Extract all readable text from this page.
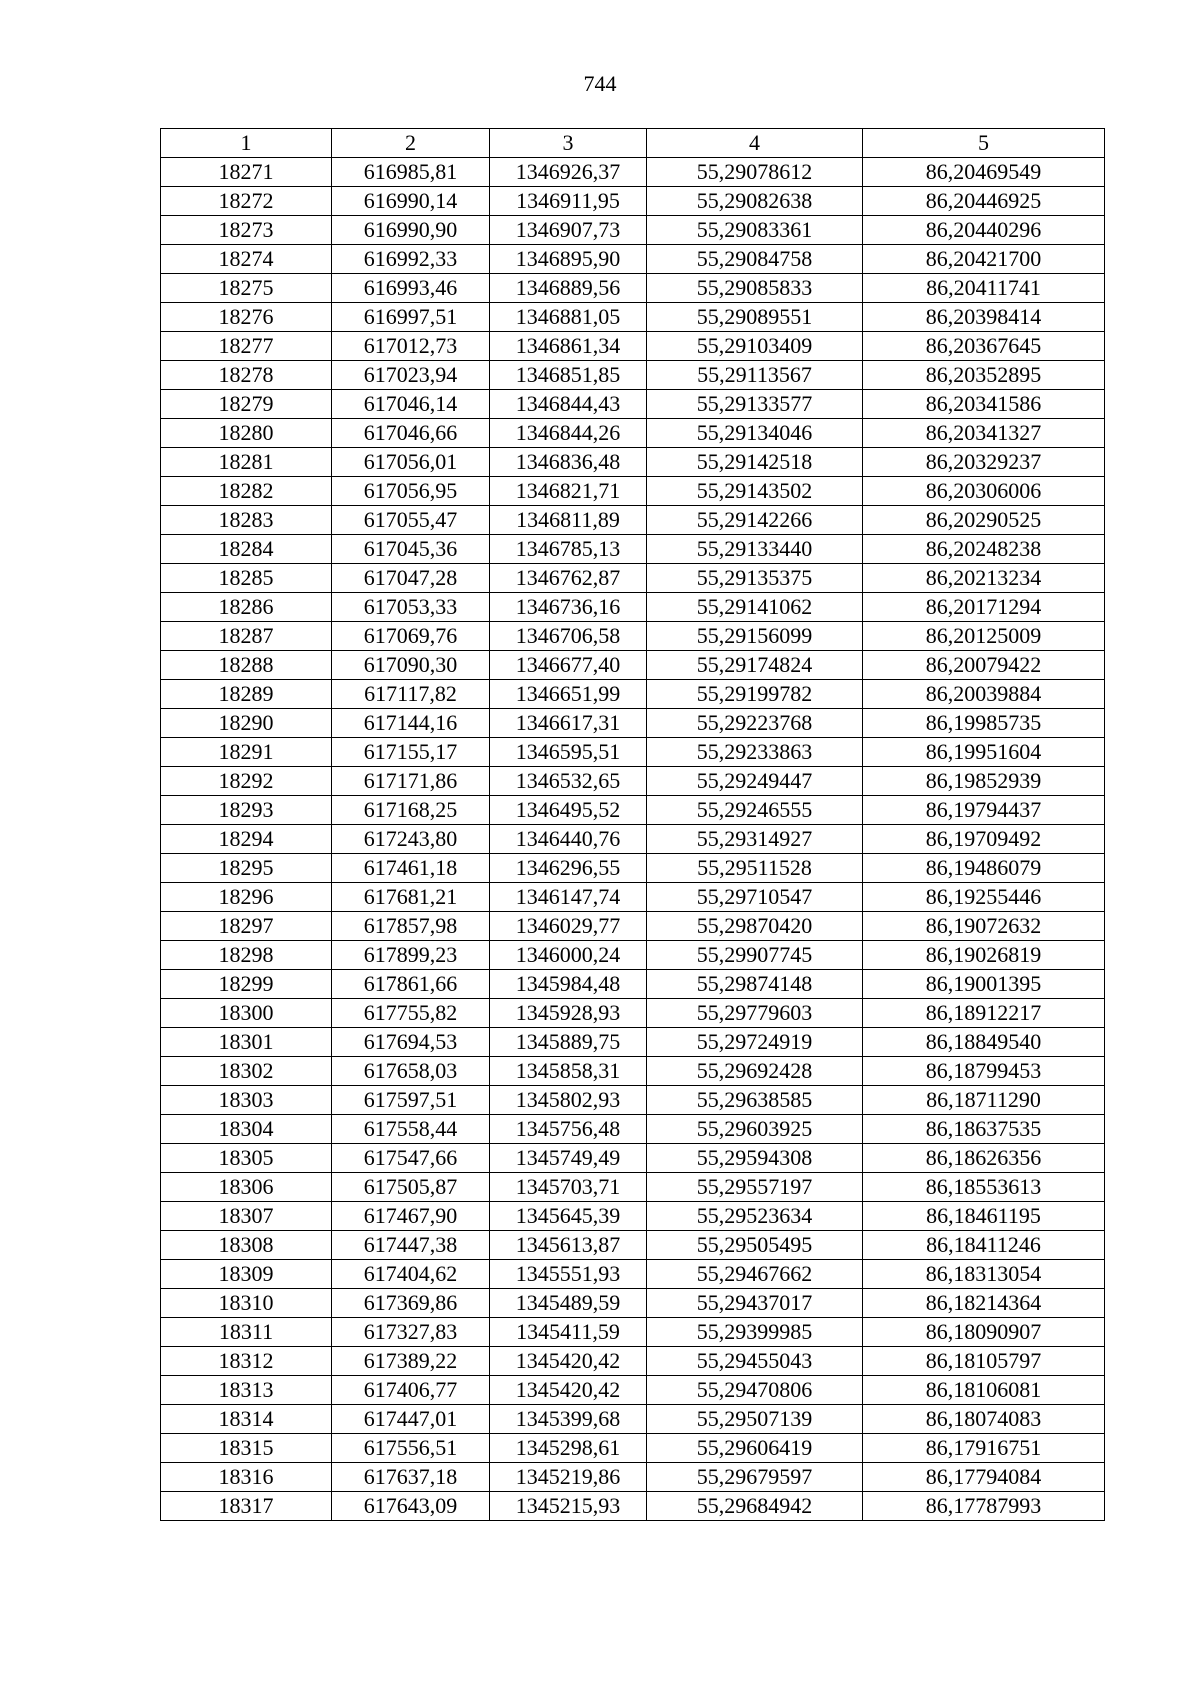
744
1	2	3	4	5
18271	616985,81	1346926,37	55,29078612	86,20469549
18272	616990,14	1346911,95	55,29082638	86,20446925
18273	616990,90	1346907,73	55,29083361	86,20440296
18274	616992,33	1346895,90	55,29084758	86,20421700
18275	616993,46	1346889,56	55,29085833	86,20411741
18276	616997,51	1346881,05	55,29089551	86,20398414
18277	617012,73	1346861,34	55,29103409	86,20367645
18278	617023,94	1346851,85	55,29113567	86,20352895
18279	617046,14	1346844,43	55,29133577	86,20341586
18280	617046,66	1346844,26	55,29134046	86,20341327
18281	617056,01	1346836,48	55,29142518	86,20329237
18282	617056,95	1346821,71	55,29143502	86,20306006
18283	617055,47	1346811,89	55,29142266	86,20290525
18284	617045,36	1346785,13	55,29133440	86,20248238
18285	617047,28	1346762,87	55,29135375	86,20213234
18286	617053,33	1346736,16	55,29141062	86,20171294
18287	617069,76	1346706,58	55,29156099	86,20125009
18288	617090,30	1346677,40	55,29174824	86,20079422
18289	617117,82	1346651,99	55,29199782	86,20039884
18290	617144,16	1346617,31	55,29223768	86,19985735
18291	617155,17	1346595,51	55,29233863	86,19951604
18292	617171,86	1346532,65	55,29249447	86,19852939
18293	617168,25	1346495,52	55,29246555	86,19794437
18294	617243,80	1346440,76	55,29314927	86,19709492
18295	617461,18	1346296,55	55,29511528	86,19486079
18296	617681,21	1346147,74	55,29710547	86,19255446
18297	617857,98	1346029,77	55,29870420	86,19072632
18298	617899,23	1346000,24	55,29907745	86,19026819
18299	617861,66	1345984,48	55,29874148	86,19001395
18300	617755,82	1345928,93	55,29779603	86,18912217
18301	617694,53	1345889,75	55,29724919	86,18849540
18302	617658,03	1345858,31	55,29692428	86,18799453
18303	617597,51	1345802,93	55,29638585	86,18711290
18304	617558,44	1345756,48	55,29603925	86,18637535
18305	617547,66	1345749,49	55,29594308	86,18626356
18306	617505,87	1345703,71	55,29557197	86,18553613
18307	617467,90	1345645,39	55,29523634	86,18461195
18308	617447,38	1345613,87	55,29505495	86,18411246
18309	617404,62	1345551,93	55,29467662	86,18313054
18310	617369,86	1345489,59	55,29437017	86,18214364
18311	617327,83	1345411,59	55,29399985	86,18090907
18312	617389,22	1345420,42	55,29455043	86,18105797
18313	617406,77	1345420,42	55,29470806	86,18106081
18314	617447,01	1345399,68	55,29507139	86,18074083
18315	617556,51	1345298,61	55,29606419	86,17916751
18316	617637,18	1345219,86	55,29679597	86,17794084
18317	617643,09	1345215,93	55,29684942	86,17787993
